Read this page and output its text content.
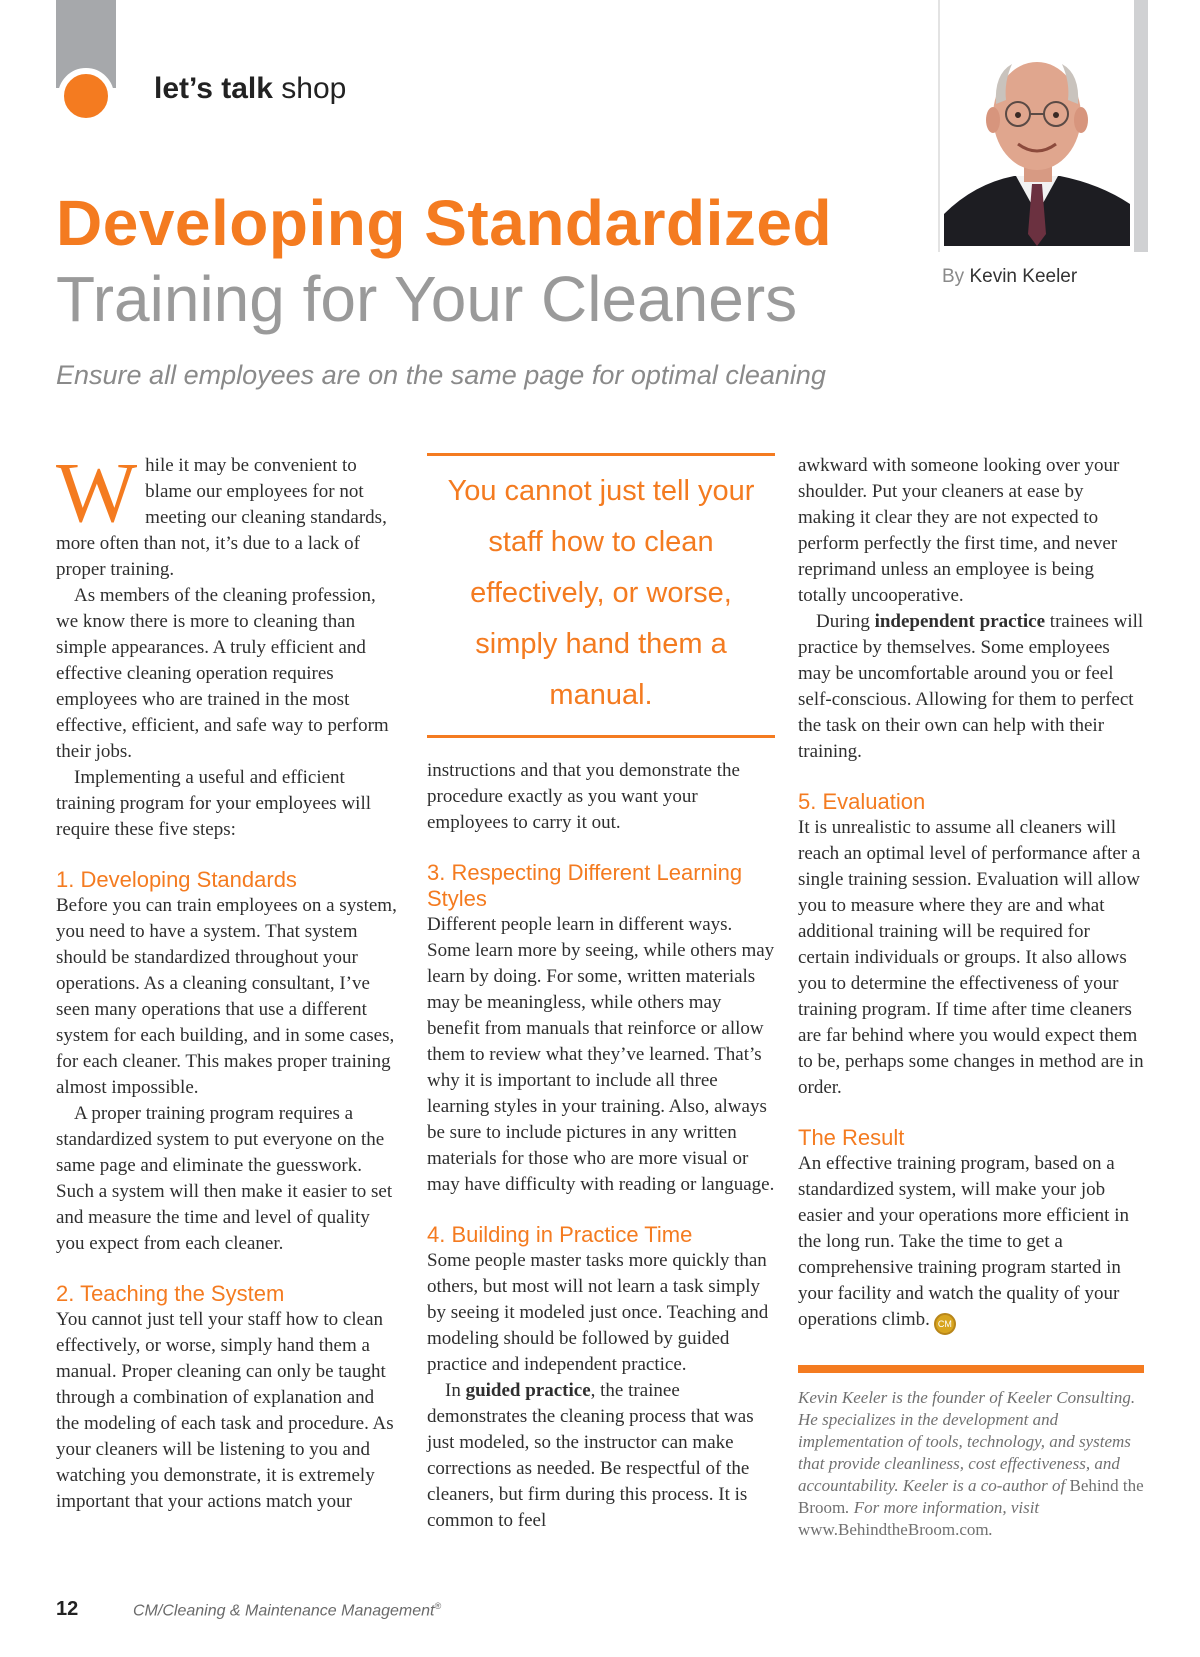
let’s talk shop
Developing Standardized
Training for Your Cleaners
Ensure all employees are on the same page for optimal cleaning
By Kevin Keeler

While it may be convenient to blame our employees for not meeting our cleaning standards, more often than not, it’s due to a lack of proper training.

As members of the cleaning profession, we know there is more to cleaning than simple appearances. A truly efficient and effective cleaning operation requires employees who are trained in the most effective, efficient, and safe way to perform their jobs.

Implementing a useful and efficient training program for your employees will require these five steps:

1. Developing Standards

Before you can train employees on a system, you need to have a system. That system should be standardized throughout your operations. As a cleaning consultant, I’ve seen many operations that use a different system for each building, and in some cases, for each cleaner. This makes proper training almost impossible.

A proper training program requires a standardized system to put everyone on the same page and eliminate the guesswork. Such a system will then make it easier to set and measure the time and level of quality you expect from each cleaner.

2. Teaching the System

You cannot just tell your staff how to clean effectively, or worse, simply hand them a manual. Proper cleaning can only be taught through a combination of explanation and the modeling of each task and procedure. As your cleaners will be listening to you and watching you demonstrate, it is extremely important that your actions match your

You cannot just tell your staff how to clean effectively, or worse, simply hand them a manual.

instructions and that you demonstrate the procedure exactly as you want your employees to carry it out.

3. Respecting Different Learning Styles

Different people learn in different ways. Some learn more by seeing, while others may learn by doing. For some, written materials may be meaningless, while others may benefit from manuals that reinforce or allow them to review what they’ve learned. That’s why it is important to include all three learning styles in your training. Also, always be sure to include pictures in any written materials for those who are more visual or may have difficulty with reading or language.

4. Building in Practice Time

Some people master tasks more quickly than others, but most will not learn a task simply by seeing it modeled just once. Teaching and modeling should be followed by guided practice and independent practice.

In guided practice, the trainee demonstrates the cleaning process that was just modeled, so the instructor can make corrections as needed. Be respectful of the cleaners, but firm during this process. It is common to feel

awkward with someone looking over your shoulder. Put your cleaners at ease by making it clear they are not expected to perform perfectly the first time, and never reprimand unless an employee is being totally uncooperative.

During independent practice trainees will practice by themselves. Some employees may be uncomfortable around you or feel self-conscious. Allowing for them to perfect the task on their own can help with their training.

5. Evaluation

It is unrealistic to assume all cleaners will reach an optimal level of performance after a single training session. Evaluation will allow you to measure where they are and what additional training will be required for certain individuals or groups. It also allows you to determine the effectiveness of your training program. If time after time cleaners are far behind where you would expect them to be, perhaps some changes in method are in order.

The Result

An effective training program, based on a standardized system, will make your job easier and your operations more efficient in the long run. Take the time to get a comprehensive training program started in your facility and watch the quality of your operations climb. CM

Kevin Keeler is the founder of Keeler Consulting. He specializes in the development and implementation of tools, technology, and systems that provide cleanliness, cost effectiveness, and accountability. Keeler is a co-author of Behind the Broom. For more information, visit www.BehindtheBroom.com.

12	CM/Cleaning & Maintenance Management®
